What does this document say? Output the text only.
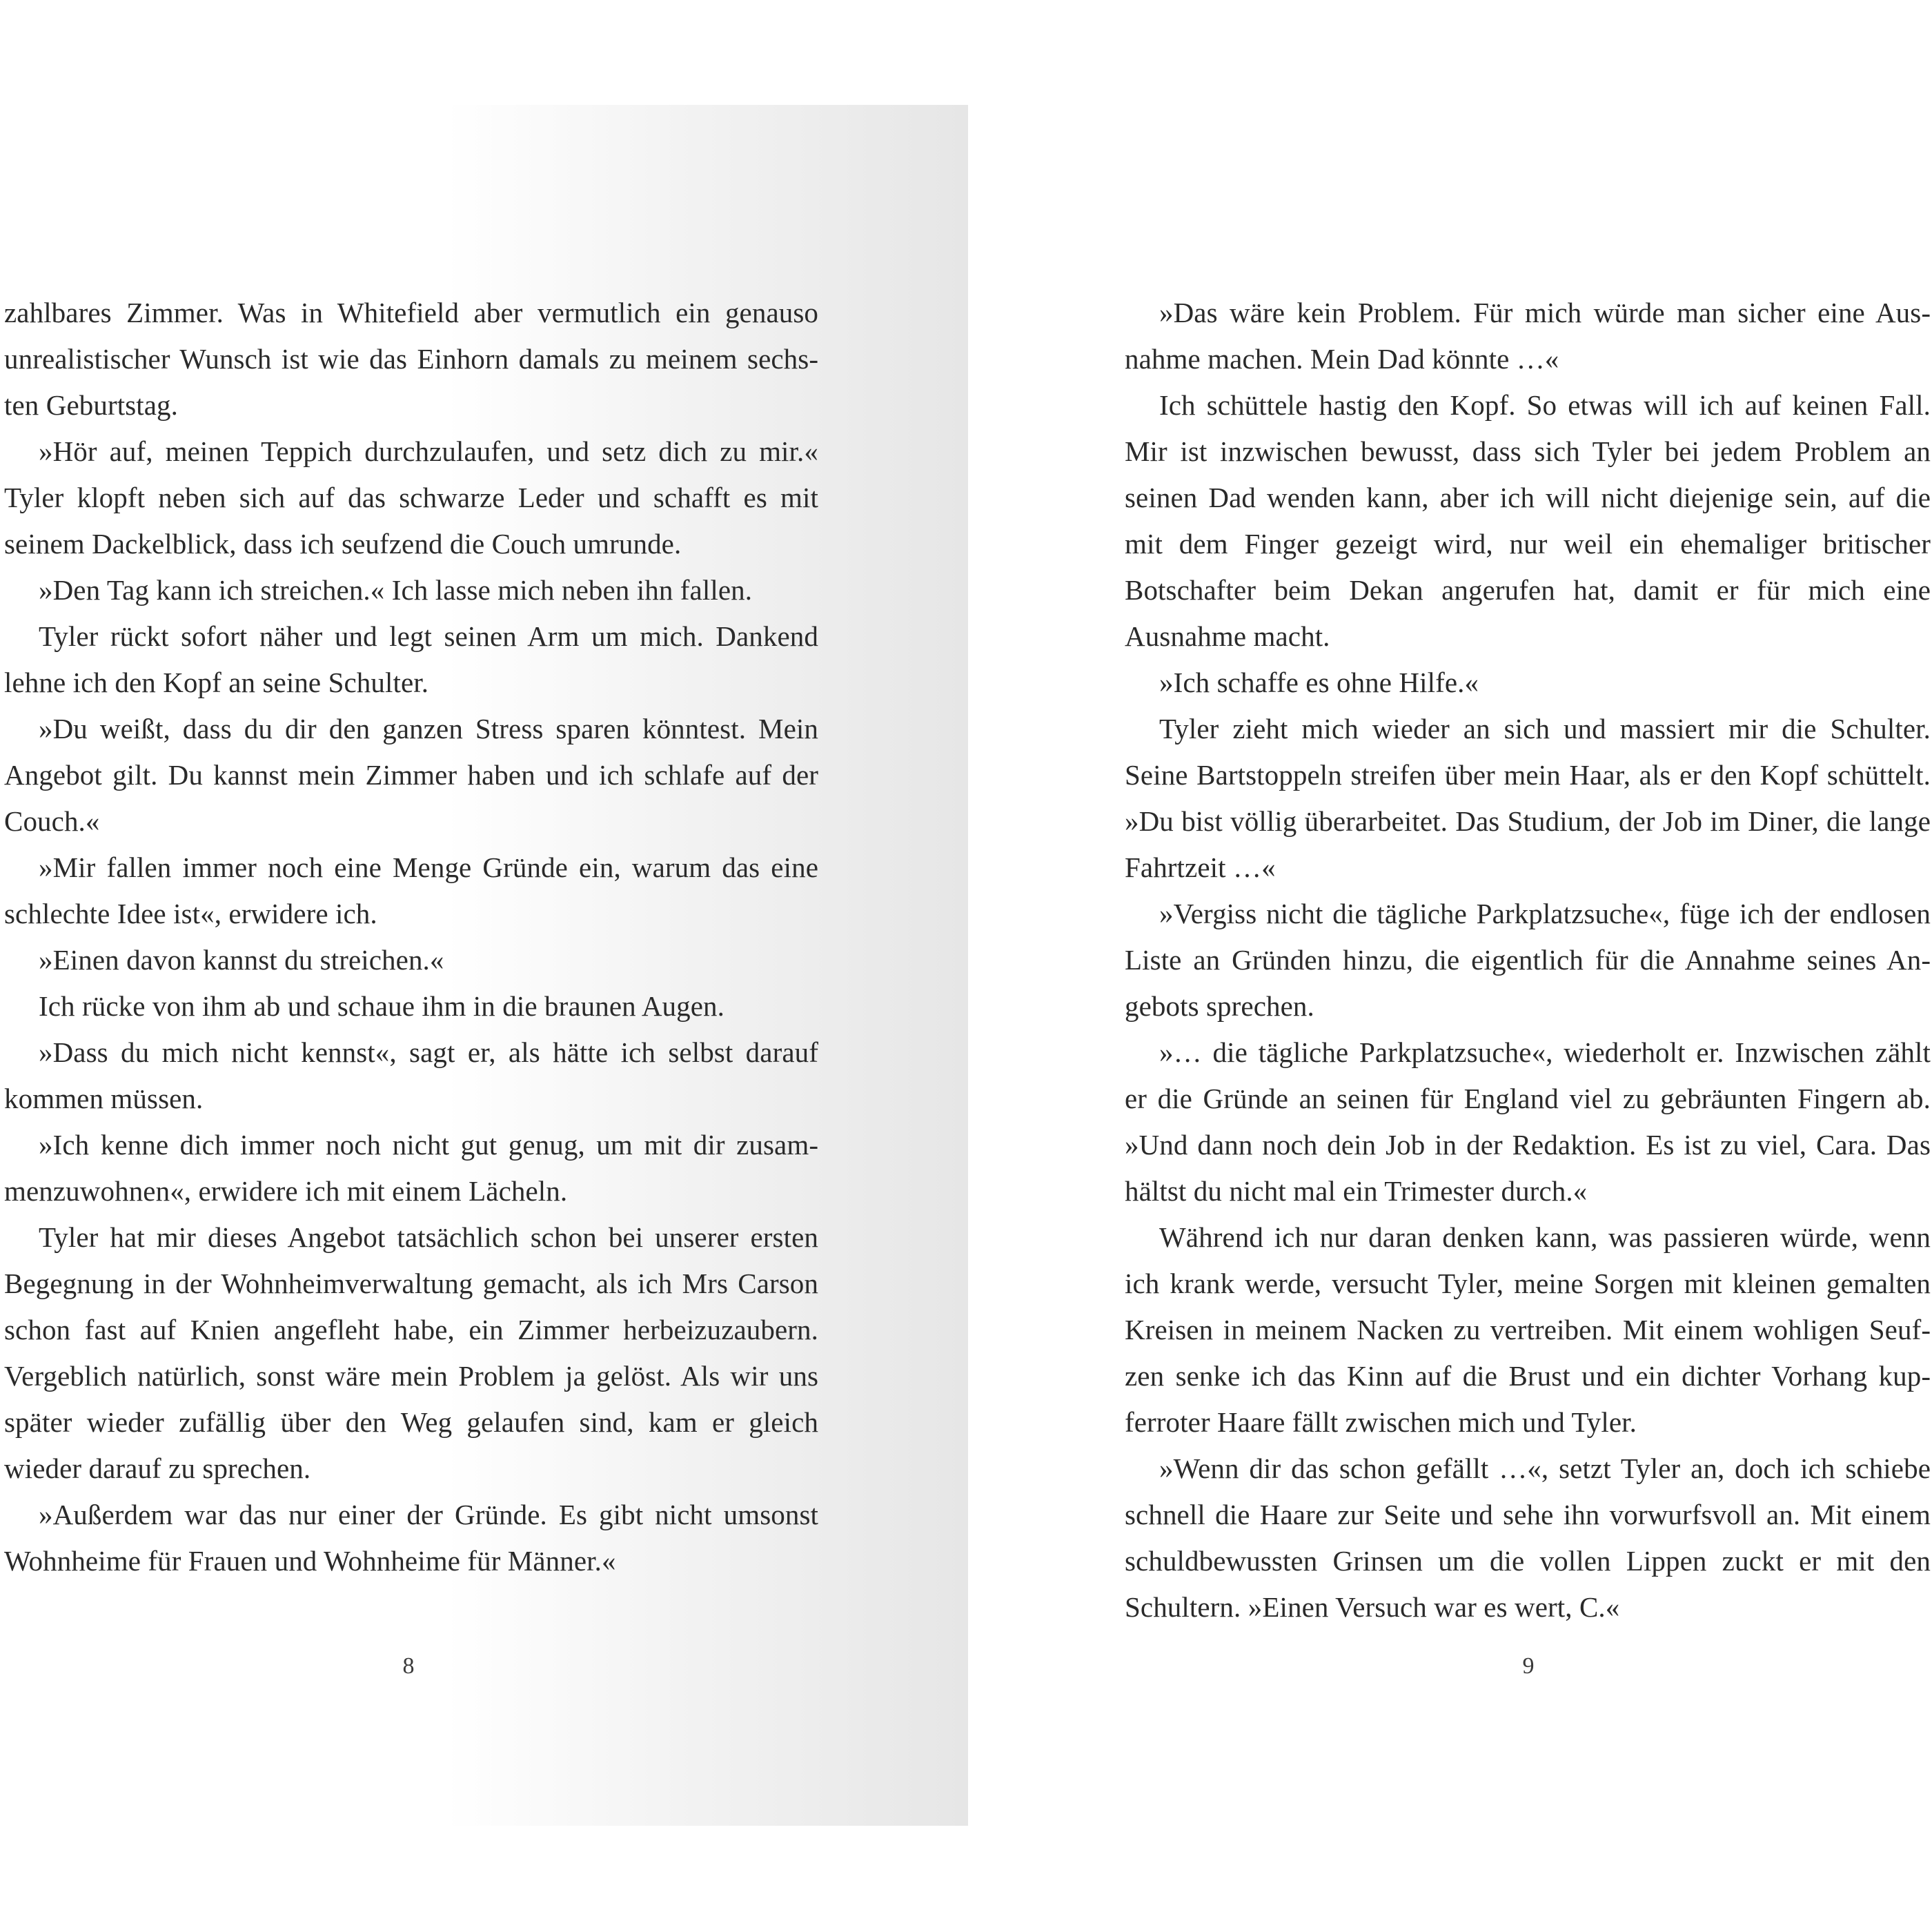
zahlbares Zimmer. Was in Whitefield aber vermutlich ein genauso unrealistischer Wunsch ist wie das Einhorn damals zu meinem sechsten Geburtstag.

»Hör auf, meinen Teppich durchzulaufen, und setz dich zu mir.« Tyler klopft neben sich auf das schwarze Leder und schafft es mit seinem Dackelblick, dass ich seufzend die Couch umrunde.

»Den Tag kann ich streichen.« Ich lasse mich neben ihn fallen.

Tyler rückt sofort näher und legt seinen Arm um mich. Dankend lehne ich den Kopf an seine Schulter.

»Du weißt, dass du dir den ganzen Stress sparen könntest. Mein Angebot gilt. Du kannst mein Zimmer haben und ich schlafe auf der Couch.«

»Mir fallen immer noch eine Menge Gründe ein, warum das eine schlechte Idee ist«, erwidere ich.

»Einen davon kannst du streichen.«

Ich rücke von ihm ab und schaue ihm in die braunen Augen.

»Dass du mich nicht kennst«, sagt er, als hätte ich selbst darauf kommen müssen.

»Ich kenne dich immer noch nicht gut genug, um mit dir zusammenzuwohnen«, erwidere ich mit einem Lächeln.

Tyler hat mir dieses Angebot tatsächlich schon bei unserer ersten Begegnung in der Wohnheimverwaltung gemacht, als ich Mrs Carson schon fast auf Knien angefleht habe, ein Zimmer herbeizuzaubern. Vergeblich natürlich, sonst wäre mein Problem ja gelöst. Als wir uns später wieder zufällig über den Weg gelaufen sind, kam er gleich wieder darauf zu sprechen.

»Außerdem war das nur einer der Gründe. Es gibt nicht umsonst Wohnheime für Frauen und Wohnheime für Männer.«

8

»Das wäre kein Problem. Für mich würde man sicher eine Ausnahme machen. Mein Dad könnte …«

Ich schüttele hastig den Kopf. So etwas will ich auf keinen Fall. Mir ist inzwischen bewusst, dass sich Tyler bei jedem Problem an seinen Dad wenden kann, aber ich will nicht diejenige sein, auf die mit dem Finger gezeigt wird, nur weil ein ehemaliger britischer Botschafter beim Dekan angerufen hat, damit er für mich eine Ausnahme macht.

»Ich schaffe es ohne Hilfe.«

Tyler zieht mich wieder an sich und massiert mir die Schulter. Seine Bartstoppeln streifen über mein Haar, als er den Kopf schüttelt. »Du bist völlig überarbeitet. Das Studium, der Job im Diner, die lange Fahrtzeit …«

»Vergiss nicht die tägliche Parkplatzsuche«, füge ich der endlosen Liste an Gründen hinzu, die eigentlich für die Annahme seines Angebots sprechen.

»… die tägliche Parkplatzsuche«, wiederholt er. Inzwischen zählt er die Gründe an seinen für England viel zu gebräunten Fingern ab. »Und dann noch dein Job in der Redaktion. Es ist zu viel, Cara. Das hältst du nicht mal ein Trimester durch.«

Während ich nur daran denken kann, was passieren würde, wenn ich krank werde, versucht Tyler, meine Sorgen mit kleinen gemalten Kreisen in meinem Nacken zu vertreiben. Mit einem wohligen Seufzen senke ich das Kinn auf die Brust und ein dichter Vorhang kupferroter Haare fällt zwischen mich und Tyler.

»Wenn dir das schon gefällt …«, setzt Tyler an, doch ich schiebe schnell die Haare zur Seite und sehe ihn vorwurfsvoll an. Mit einem schuldbewussten Grinsen um die vollen Lippen zuckt er mit den Schultern. »Einen Versuch war es wert, C.«

9
